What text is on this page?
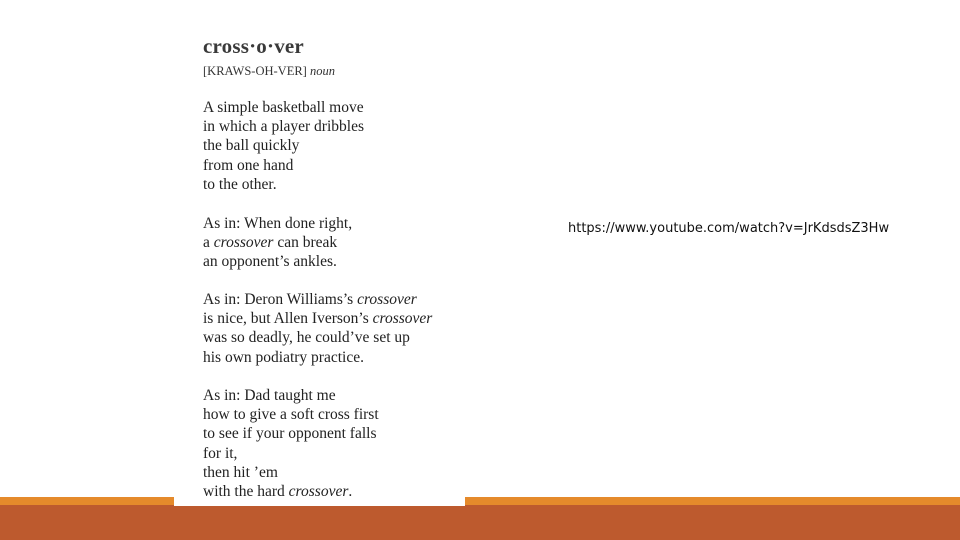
cross·o·ver
[KRAWS-OH-VER] noun
A simple basketball move
in which a player dribbles
the ball quickly
from one hand
to the other.
As in: When done right,
a crossover can break
an opponent’s ankles.
As in: Deron Williams’s crossover
is nice, but Allen Iverson’s crossover
was so deadly, he could’ve set up
his own podiatry practice.
As in: Dad taught me
how to give a soft cross first
to see if your opponent falls
for it,
then hit ’em
with the hard crossover.
https://www.youtube.com/watch?v=JrKdsdsZ3Hw
